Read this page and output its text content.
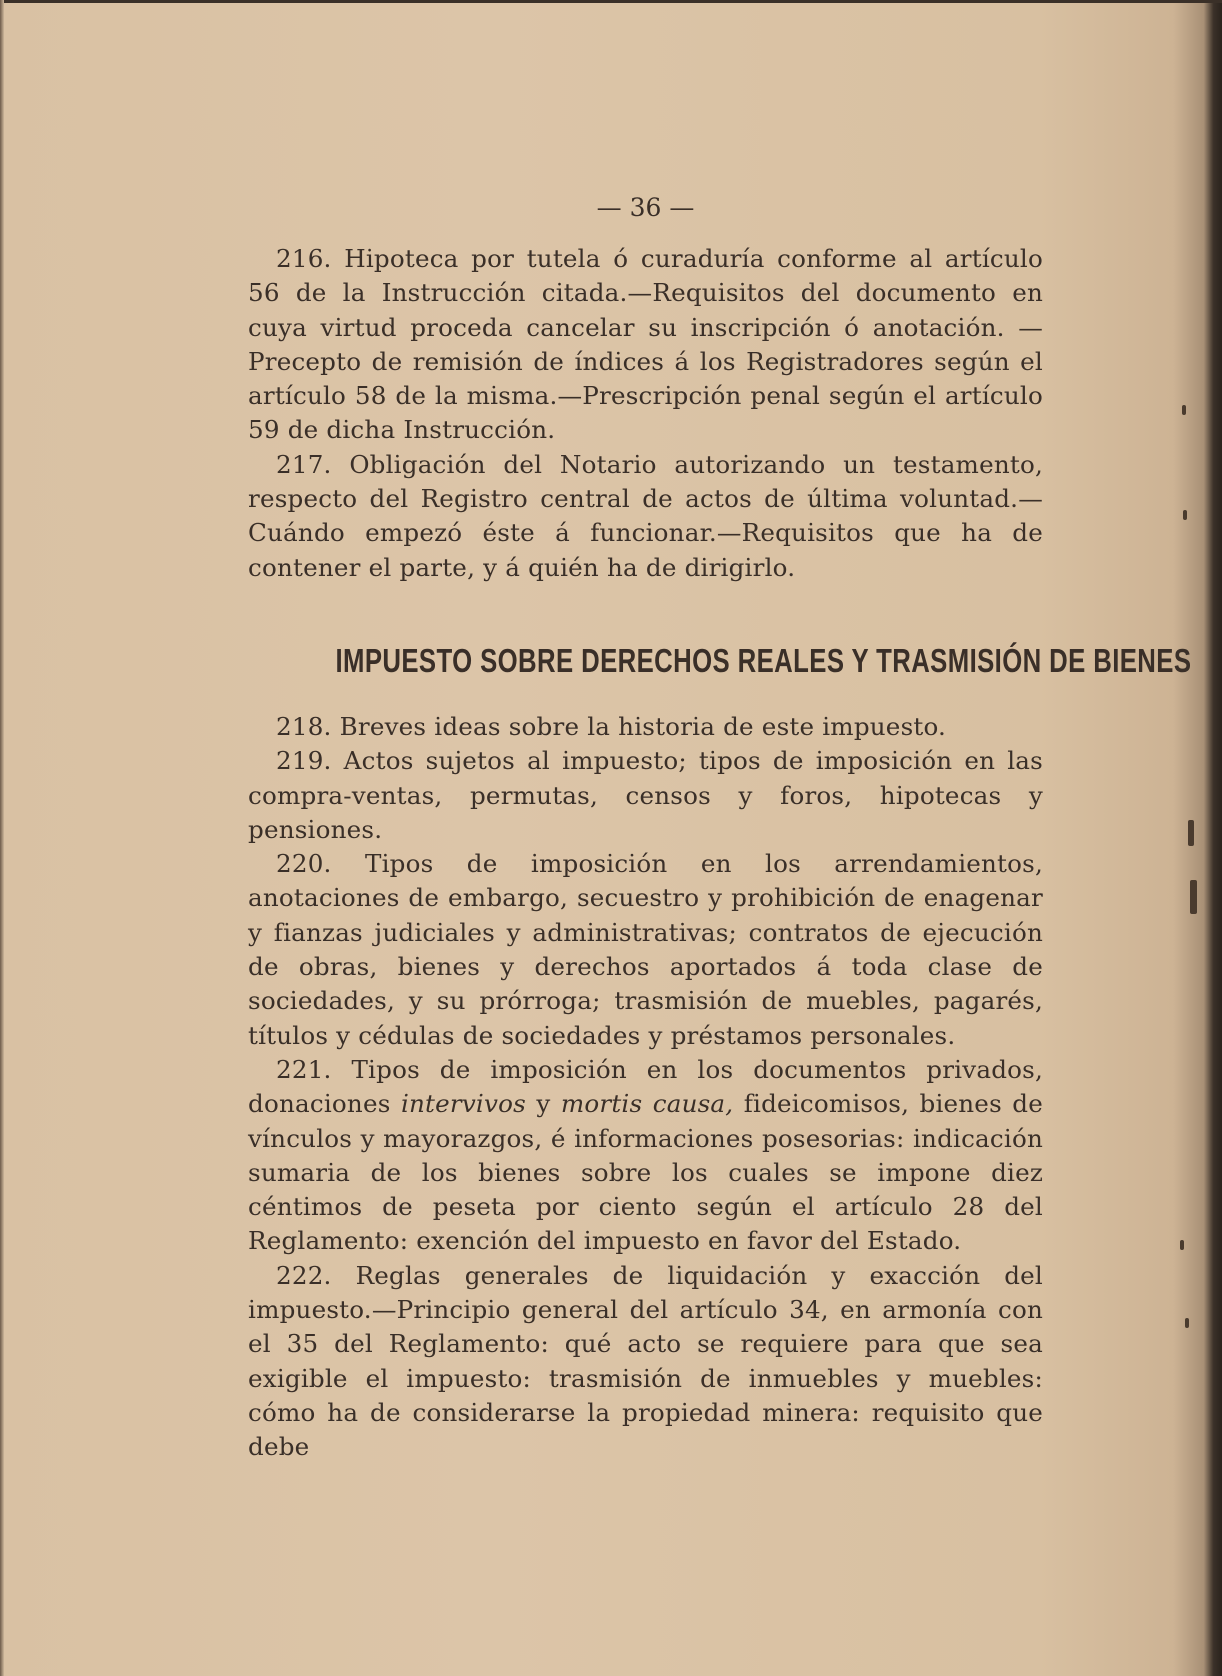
— 36 —

216. Hipoteca por tutela ó curaduría conforme al artículo 56 de la Instrucción citada.—Requisitos del documento en cuya virtud proceda cancelar su inscripción ó anotación. —Precepto de remisión de índices á los Registradores según el artículo 58 de la misma.—Prescripción penal según el artículo 59 de dicha Instrucción.

217. Obligación del Notario autorizando un testamento, respecto del Registro central de actos de última voluntad.—Cuándo empezó éste á funcionar.—Requisitos que ha de contener el parte, y á quién ha de dirigirlo.

IMPUESTO SOBRE DERECHOS REALES Y TRASMISIÓN DE BIENES

218. Breves ideas sobre la historia de este impuesto.

219. Actos sujetos al impuesto; tipos de imposición en las compra-ventas, permutas, censos y foros, hipotecas y pensiones.

220. Tipos de imposición en los arrendamientos, anotaciones de embargo, secuestro y prohibición de enagenar y fianzas judiciales y administrativas; contratos de ejecución de obras, bienes y derechos aportados á toda clase de sociedades, y su prórroga; trasmisión de muebles, pagarés, títulos y cédulas de sociedades y préstamos personales.

221. Tipos de imposición en los documentos privados, donaciones intervivos y mortis causa, fideicomisos, bienes de vínculos y mayorazgos, é informaciones posesorias: indicación sumaria de los bienes sobre los cuales se impone diez céntimos de peseta por ciento según el artículo 28 del Reglamento: exención del impuesto en favor del Estado.

222. Reglas generales de liquidación y exacción del impuesto.—Principio general del artículo 34, en armonía con el 35 del Reglamento: qué acto se requiere para que sea exigible el impuesto: trasmisión de inmuebles y muebles: cómo ha de considerarse la propiedad minera: requisito que debe
